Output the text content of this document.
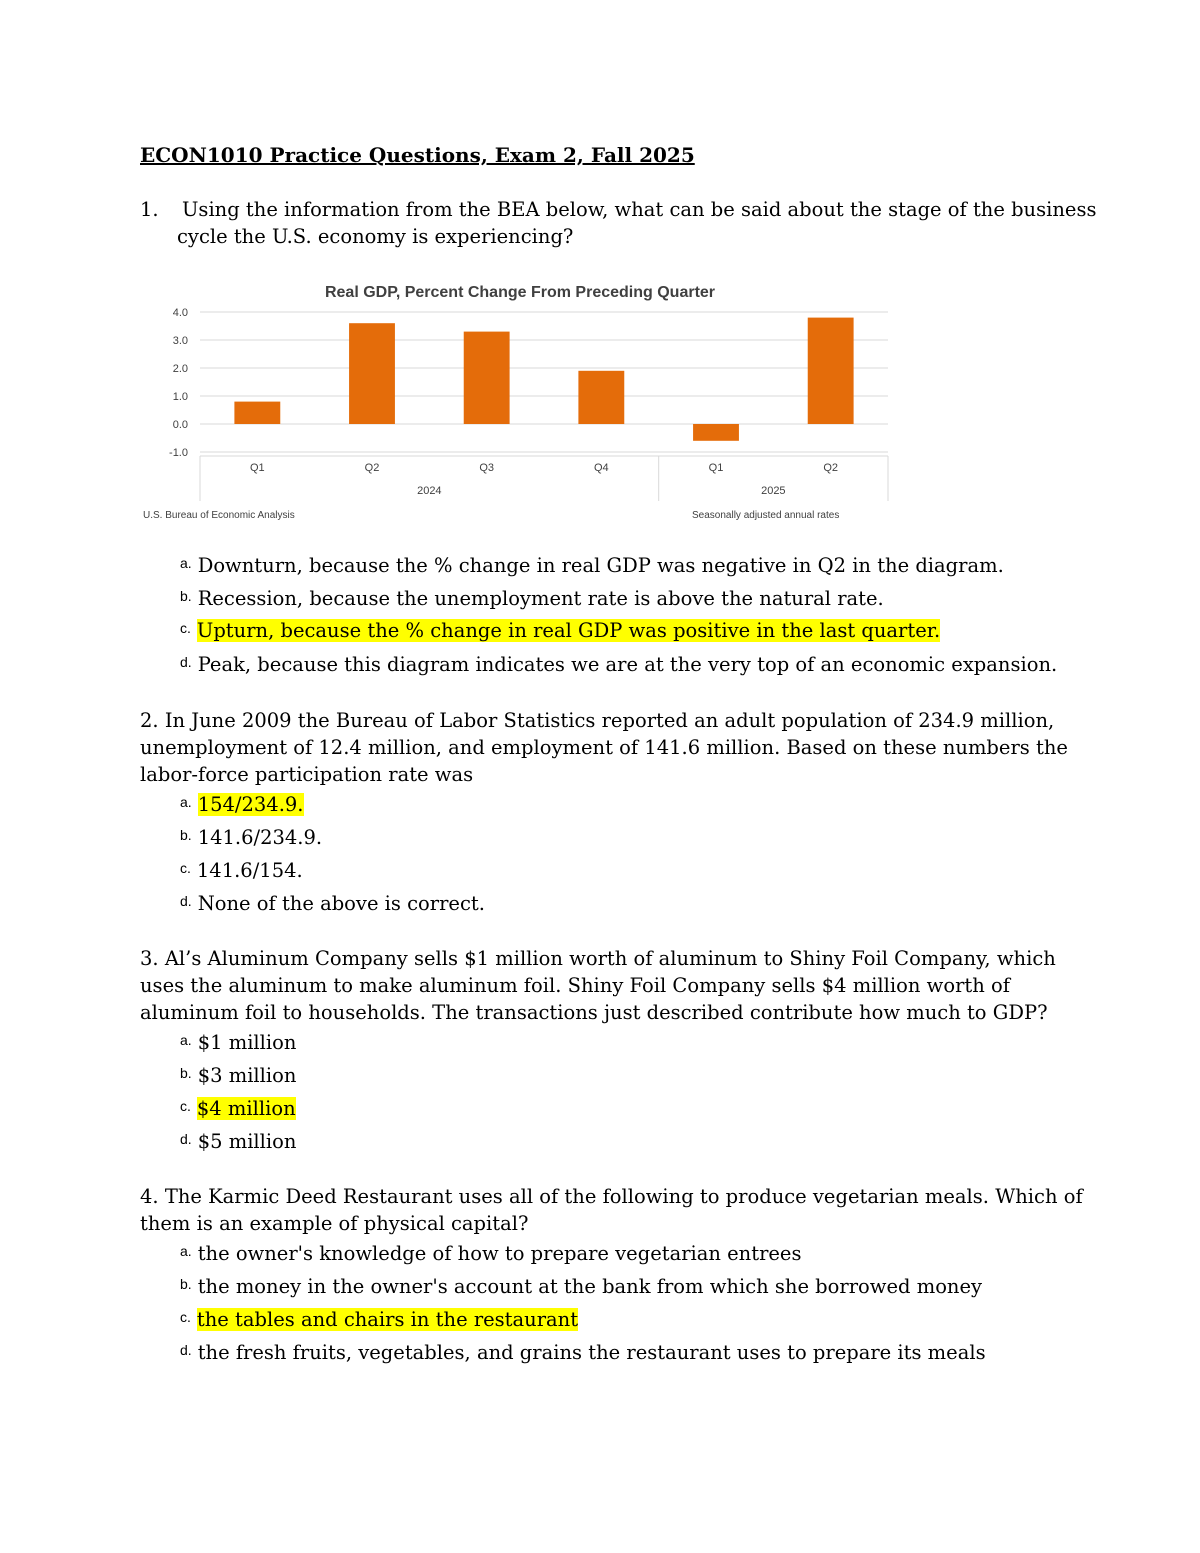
ECON1010 Practice Questions, Exam 2, Fall 2025
1. Using the information from the BEA below, what can be said about the stage of the business
cycle the U.S. economy is experiencing?
Real GDP, Percent Change From Preceding Quarter
4.0
3.0
2.0
1.0
0.0
-1.0
Q1	Q2	Q3	Q4	Q1	Q2
2024	2025
U.S. Bureau of Economic Analysis	Seasonally adjusted annual rates
$^{a.}$ Downturn, because the % change in real GDP was negative in Q2 in the diagram.
$^{b.}$ Recession, because the unemployment rate is above the natural rate.
$^{c.}$ Upturn, because the % change in real GDP was positive in the last quarter.
$^{d.}$ Peak, because this diagram indicates we are at the very top of an economic expansion.
2. In June 2009 the Bureau of Labor Statistics reported an adult population of 234.9 million,
unemployment of 12.4 million, and employment of 141.6 million. Based on these numbers the
labor-force participation rate was
$^{a.}$ 154/234.9.
$^{b.}$ 141.6/234.9.
$^{c.}$ 141.6/154.
$^{d.}$ None of the above is correct.
3. Al’s Aluminum Company sells $1 million worth of aluminum to Shiny Foil Company, which
uses the aluminum to make aluminum foil. Shiny Foil Company sells $4 million worth of
aluminum foil to households. The transactions just described contribute how much to GDP?
$^{a.}$ $1 million
$^{b.}$ $3 million
$^{c.}$ $4 million
$^{d.}$ $5 million
4. The Karmic Deed Restaurant uses all of the following to produce vegetarian meals. Which of
them is an example of physical capital?
$^{a.}$ the owner's knowledge of how to prepare vegetarian entrees
$^{b.}$ the money in the owner's account at the bank from which she borrowed money
$^{c.}$ the tables and chairs in the restaurant
$^{d.}$ the fresh fruits, vegetables, and grains the restaurant uses to prepare its meals
